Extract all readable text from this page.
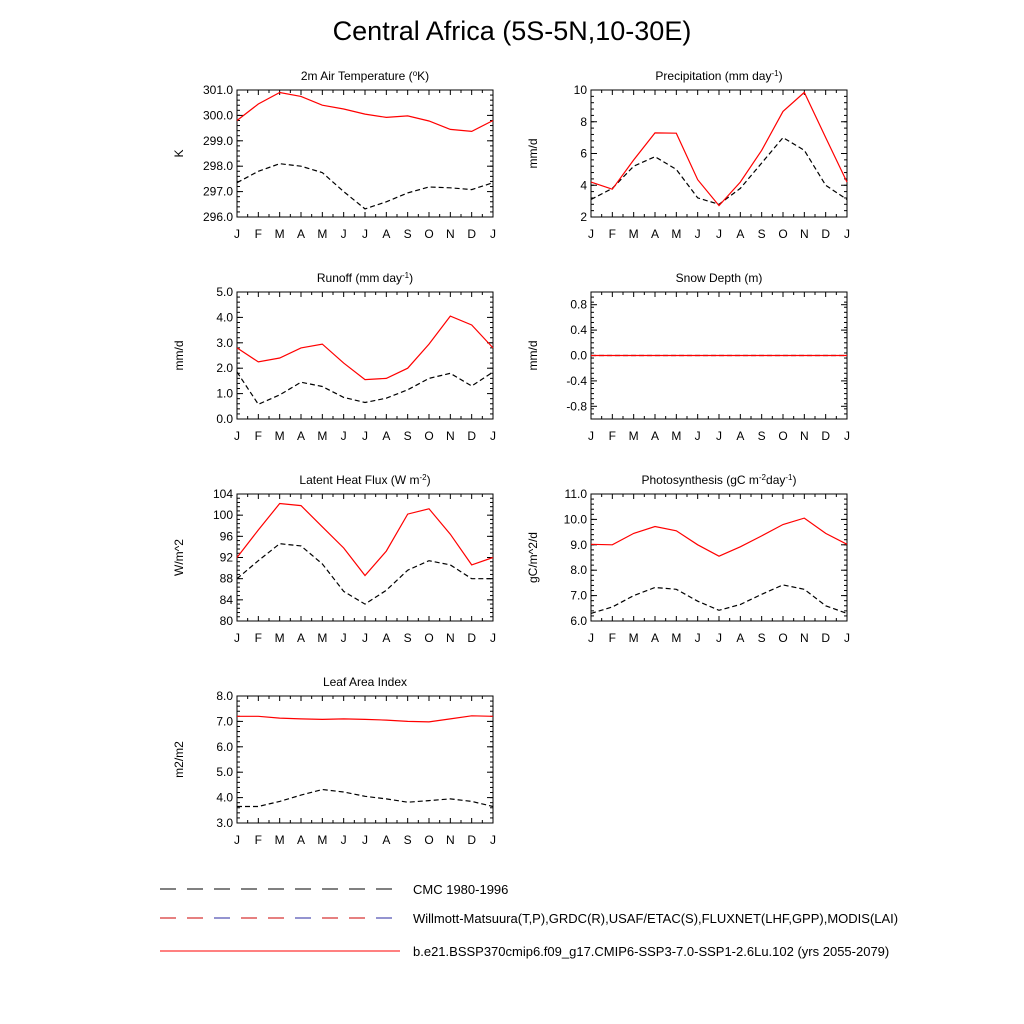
Central Africa (5S-5N,10-30E)
J F M A M J J A S O N D J
296.0
297.0
298.0
299.0
300.0
301.0
K
2m Air Temperature ($^o$K)
J F M A M J J A S O N D J
2
4
6
8
10
mm/d
Precipitation (mm day$^{-1}$)
J F M A M J J A S O N D J
0.0
1.0
2.0
3.0
4.0
5.0
mm/d
Runoff (mm day$^{-1}$)
J F M A M J J A S O N D J
-0.8
-0.4
0.0
0.4
0.8
mm/d
Snow Depth (m)
J F M A M J J A S O N D J
80
84
88
92
96
100
104
W/m^2
Latent Heat Flux (W $m^{-2}$)
J F M A M J J A S O N D J
6.0
7.0
8.0
9.0
10.0
11.0
gC/m^2/d
Photosynthesis (gC $m^{-2}day^{-1}$)
J F M A M J J A S O N D J
3.0
4.0
5.0
6.0
7.0
8.0
m2/m2
Leaf Area Index
CMC 1980-1996
Willmott-Matsuura(T,P),GRDC(R),USAF/ETAC(S),FLUXNET(LHF,GPP),MODIS(LAI)
b.e21.BSSP370cmip6.f09_g17.CMIP6-SSP3-7.0-SSP1-2.6Lu.102 (yrs 2055-2079)
